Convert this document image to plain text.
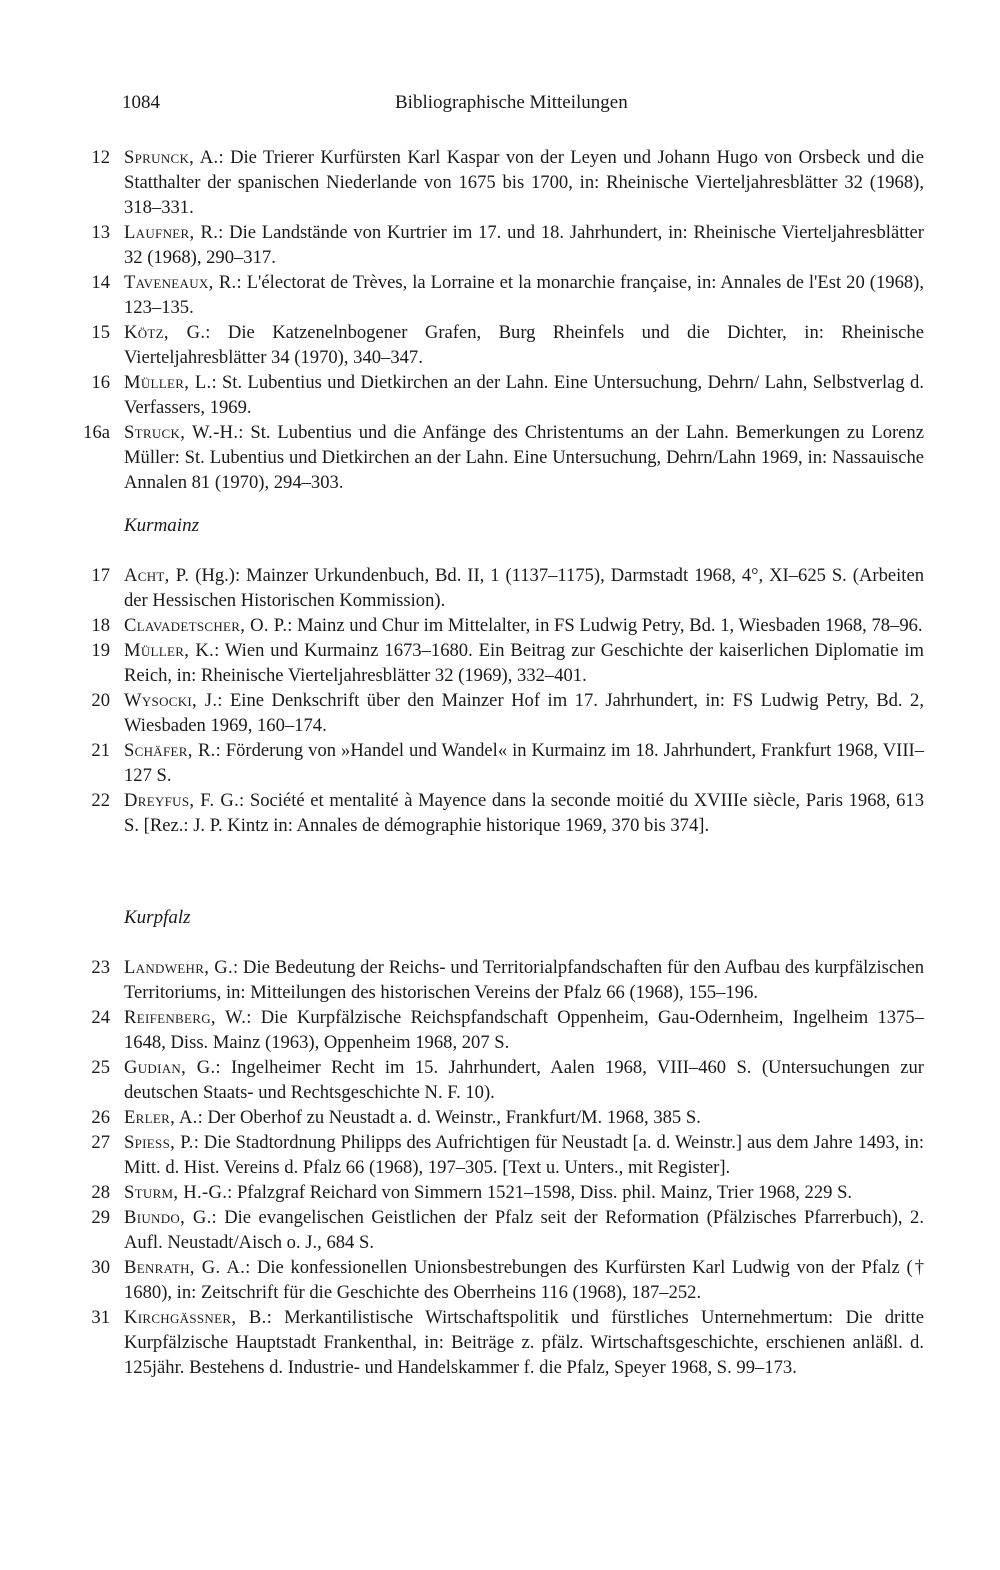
1084	Bibliographische Mitteilungen
12 Sprunck, A.: Die Trierer Kurfürsten Karl Kaspar von der Leyen und Johann Hugo von Orsbeck und die Statthalter der spanischen Niederlande von 1675 bis 1700, in: Rheinische Vierteljahresblätter 32 (1968), 318–331.
13 Laufner, R.: Die Landstände von Kurtrier im 17. und 18. Jahrhundert, in: Rheinische Vierteljahresblätter 32 (1968), 290–317.
14 Taveneaux, R.: L'électorat de Trèves, la Lorraine et la monarchie française, in: Annales de l'Est 20 (1968), 123–135.
15 Kötz, G.: Die Katzenelnbogener Grafen, Burg Rheinfels und die Dichter, in: Rheinische Vierteljahresblätter 34 (1970), 340–347.
16 Müller, L.: St. Lubentius und Dietkirchen an der Lahn. Eine Untersuchung, Dehrn/ Lahn, Selbstverlag d. Verfassers, 1969.
16a Struck, W.-H.: St. Lubentius und die Anfänge des Christentums an der Lahn. Bemerkungen zu Lorenz Müller: St. Lubentius und Dietkirchen an der Lahn. Eine Untersuchung, Dehrn/Lahn 1969, in: Nassauische Annalen 81 (1970), 294–303.
Kurmainz
17 Acht, P. (Hg.): Mainzer Urkundenbuch, Bd. II, 1 (1137–1175), Darmstadt 1968, 4°, XI–625 S. (Arbeiten der Hessischen Historischen Kommission).
18 Clavadetscher, O. P.: Mainz und Chur im Mittelalter, in FS Ludwig Petry, Bd. 1, Wiesbaden 1968, 78–96.
19 Müller, K.: Wien und Kurmainz 1673–1680. Ein Beitrag zur Geschichte der kaiserlichen Diplomatie im Reich, in: Rheinische Vierteljahresblätter 32 (1969), 332–401.
20 Wysocki, J.: Eine Denkschrift über den Mainzer Hof im 17. Jahrhundert, in: FS Ludwig Petry, Bd. 2, Wiesbaden 1969, 160–174.
21 Schäfer, R.: Förderung von »Handel und Wandel« in Kurmainz im 18. Jahrhundert, Frankfurt 1968, VIII–127 S.
22 Dreyfus, F. G.: Société et mentalité à Mayence dans la seconde moitié du XVIIIe siècle, Paris 1968, 613 S. [Rez.: J. P. Kintz in: Annales de démographie historique 1969, 370 bis 374].
Kurpfalz
23 Landwehr, G.: Die Bedeutung der Reichs- und Territorialpfandschaften für den Aufbau des kurpfälzischen Territoriums, in: Mitteilungen des historischen Vereins der Pfalz 66 (1968), 155–196.
24 Reifenberg, W.: Die Kurpfälzische Reichspfandschaft Oppenheim, Gau-Odernheim, Ingelheim 1375–1648, Diss. Mainz (1963), Oppenheim 1968, 207 S.
25 Gudian, G.: Ingelheimer Recht im 15. Jahrhundert, Aalen 1968, VIII–460 S. (Untersuchungen zur deutschen Staats- und Rechtsgeschichte N. F. 10).
26 Erler, A.: Der Oberhof zu Neustadt a. d. Weinstr., Frankfurt/M. 1968, 385 S.
27 Spiess, P.: Die Stadtordnung Philipps des Aufrichtigen für Neustadt [a. d. Weinstr.] aus dem Jahre 1493, in: Mitt. d. Hist. Vereins d. Pfalz 66 (1968), 197–305. [Text u. Unters., mit Register].
28 Sturm, H.-G.: Pfalzgraf Reichard von Simmern 1521–1598, Diss. phil. Mainz, Trier 1968, 229 S.
29 Biundo, G.: Die evangelischen Geistlichen der Pfalz seit der Reformation (Pfälzisches Pfarrerbuch), 2. Aufl. Neustadt/Aisch o. J., 684 S.
30 Benrath, G. A.: Die konfessionellen Unionsbestrebungen des Kurfürsten Karl Ludwig von der Pfalz († 1680), in: Zeitschrift für die Geschichte des Oberrheins 116 (1968), 187–252.
31 Kirchgässner, B.: Merkantilistische Wirtschaftspolitik und fürstliches Unternehmertum: Die dritte Kurpfälzische Hauptstadt Frankenthal, in: Beiträge z. pfälz. Wirtschaftsgeschichte, erschienen anläßl. d. 125jähr. Bestehens d. Industrie- und Handelskammer f. die Pfalz, Speyer 1968, S. 99–173.
